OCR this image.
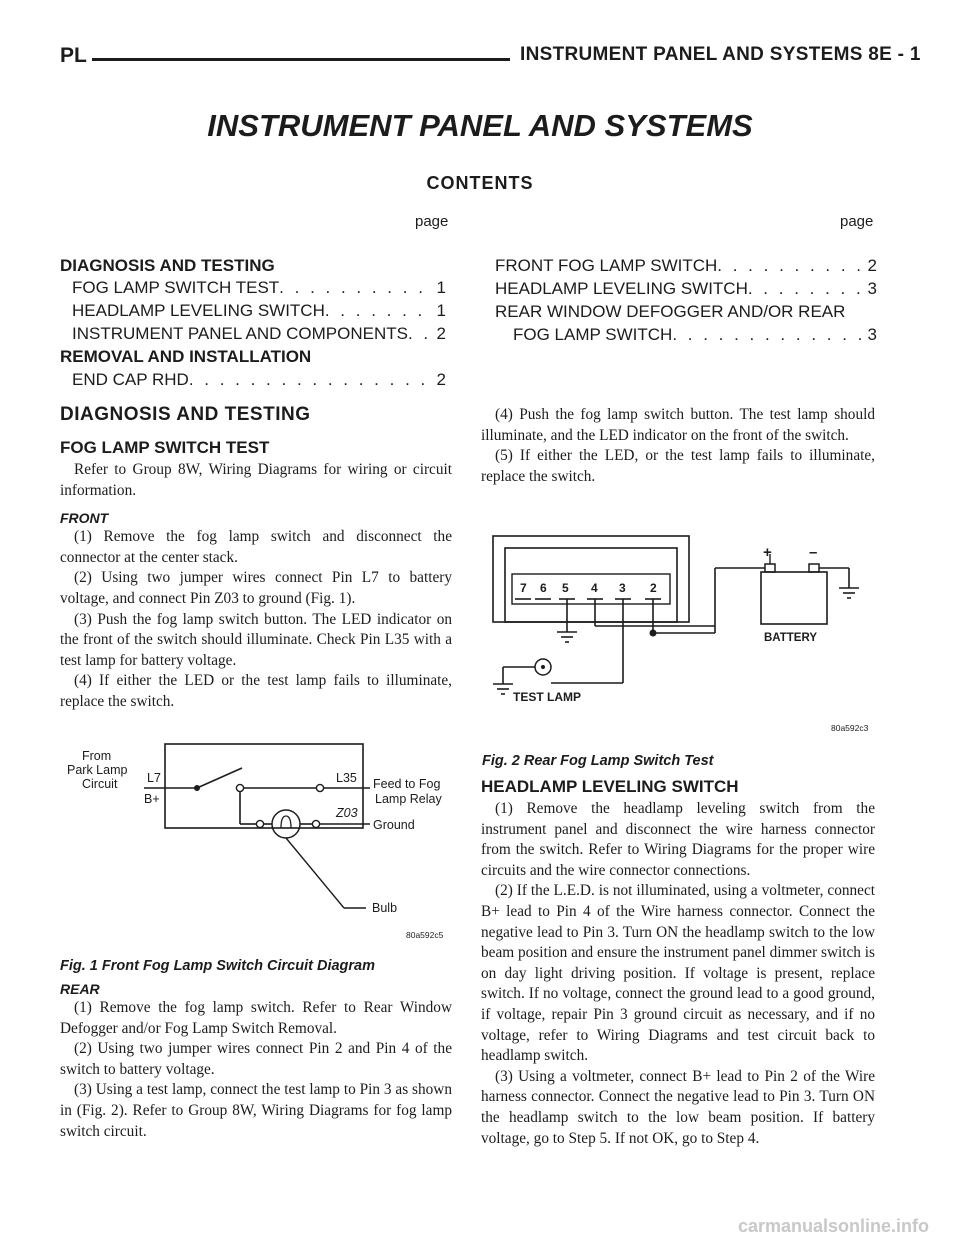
PL	INSTRUMENT PANEL AND SYSTEMS 8E - 1
INSTRUMENT PANEL AND SYSTEMS
CONTENTS
page	page
DIAGNOSIS AND TESTING
FOG LAMP SWITCH TEST . . .	1
HEADLAMP LEVELING SWITCH . . .	1
INSTRUMENT PANEL AND COMPONENTS . . . 2
REMOVAL AND INSTALLATION
END CAP RHD . . .	2
FRONT FOG LAMP SWITCH . . .	2
HEADLAMP LEVELING SWITCH . . .	3
REAR WINDOW DEFOGGER AND/OR REAR
FOG LAMP SWITCH . . .	3
DIAGNOSIS AND TESTING
FOG LAMP SWITCH TEST

Refer to Group 8W, Wiring Diagrams for wiring or circuit information.

FRONT

(1) Remove the fog lamp switch and disconnect the connector at the center stack.

(2) Using two jumper wires connect Pin L7 to battery voltage, and connect Pin Z03 to ground (Fig. 1).

(3) Push the fog lamp switch button. The LED indicator on the front of the switch should illuminate. Check Pin L35 with a test lamp for battery voltage.

(4) If either the LED or the test lamp fails to illuminate, replace the switch.

From
Park Lamp
Circuit L7
B+
L35
Z03
Feed to Fog
Lamp Relay
Ground
Bulb
80a592c5
Fig. 1 Front Fog Lamp Switch Circuit Diagram
REAR

(1) Remove the fog lamp switch. Refer to Rear Window Defogger and/or Fog Lamp Switch Removal.

(2) Using two jumper wires connect Pin 2 and Pin 4 of the switch to battery voltage.

(3) Using a test lamp, connect the test lamp to Pin 3 as shown in (Fig. 2). Refer to Group 8W, Wiring Diagrams for fog lamp switch circuit.

(4) Push the fog lamp switch button. The test lamp should illuminate, and the LED indicator on the front of the switch.

(5) If either the LED, or the test lamp fails to illuminate, replace the switch.

7 6 5 4 3 2
TEST LAMP
+ –
BATTERY
80a592c3
Fig. 2 Rear Fog Lamp Switch Test
HEADLAMP LEVELING SWITCH

(1) Remove the headlamp leveling switch from the instrument panel and disconnect the wire harness connector from the switch. Refer to Wiring Diagrams for the proper wire circuits and the wire connector connections.

(2) If the L.E.D. is not illuminated, using a voltmeter, connect B+ lead to Pin 4 of the Wire harness connector. Connect the negative lead to Pin 3. Turn ON the headlamp switch to the low beam position and ensure the instrument panel dimmer switch is on day light driving position. If voltage is present, replace switch. If no voltage, connect the ground lead to a good ground, if voltage, repair Pin 3 ground circuit as necessary, and if no voltage, refer to Wiring Diagrams and test circuit back to headlamp switch.

(3) Using a voltmeter, connect B+ lead to Pin 2 of the Wire harness connector. Connect the negative lead to Pin 3. Turn ON the headlamp switch to the low beam position. If battery voltage, go to Step 5. If not OK, go to Step 4.

carmanualsonline.info
